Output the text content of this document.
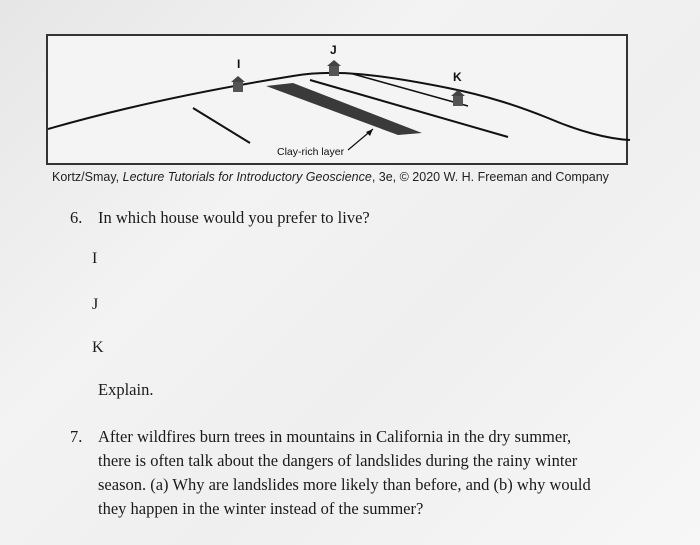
I
J
K
Clay-rich layer
Kortz/Smay, Lecture Tutorials for Introductory Geoscience, 3e, © 2020 W. H. Freeman and Company
6. In which house would you prefer to live?
I
J
K
Explain.
7. After wildfires burn trees in mountains in California in the dry summer,
there is often talk about the dangers of landslides during the rainy winter
season. (a) Why are landslides more likely than before, and (b) why would
they happen in the winter instead of the summer?
